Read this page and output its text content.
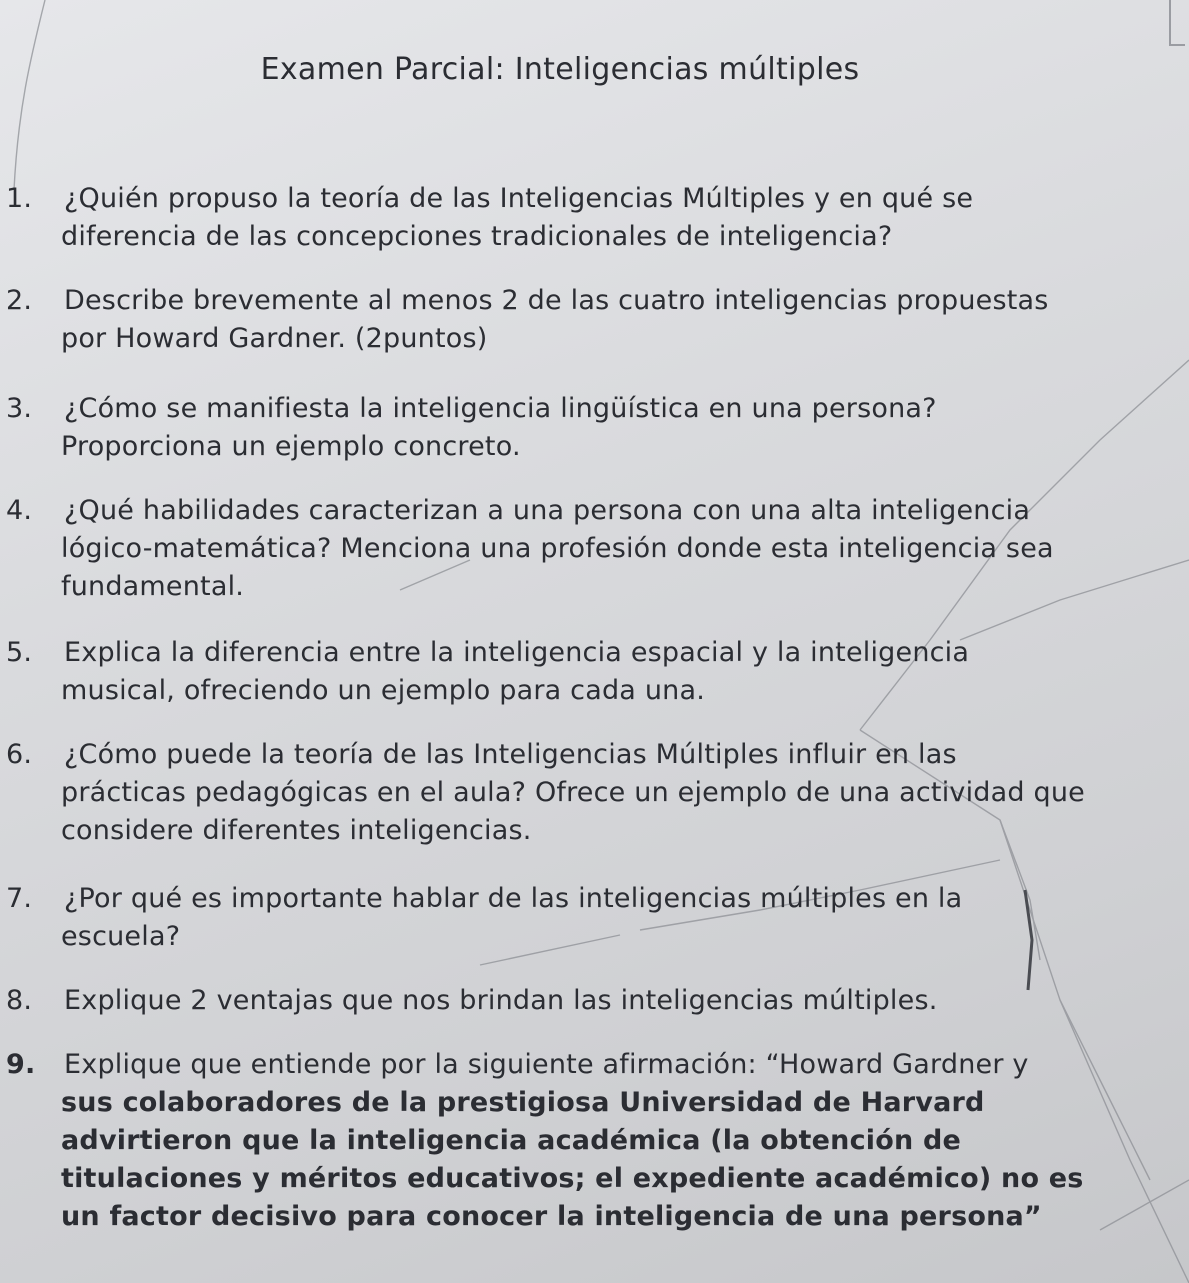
Examen Parcial: Inteligencias múltiples
1. ¿Quién propuso la teoría de las Inteligencias Múltiples y en qué se
diferencia de las concepciones tradicionales de inteligencia?
2. Describe brevemente al menos 2 de las cuatro inteligencias propuestas
por Howard Gardner. (2puntos)
3. ¿Cómo se manifiesta la inteligencia lingüística en una persona?
Proporciona un ejemplo concreto.
4. ¿Qué habilidades caracterizan a una persona con una alta inteligencia
lógico-matemática? Menciona una profesión donde esta inteligencia sea fundamental.
5. Explica la diferencia entre la inteligencia espacial y la inteligencia
musical, ofreciendo un ejemplo para cada una.
6. ¿Cómo puede la teoría de las Inteligencias Múltiples influir en las
prácticas pedagógicas en el aula? Ofrece un ejemplo de una actividad que considere diferentes inteligencias.
7. ¿Por qué es importante hablar de las inteligencias múltiples en la
escuela?
8. Explique 2 ventajas que nos brindan las inteligencias múltiples.
9. Explique que entiende por la siguiente afirmación: “Howard Gardner y
sus colaboradores de la prestigiosa Universidad de Harvard advirtieron que la inteligencia académica (la obtención de titulaciones y méritos educativos; el expediente académico) no es un factor decisivo para conocer la inteligencia de una persona”
